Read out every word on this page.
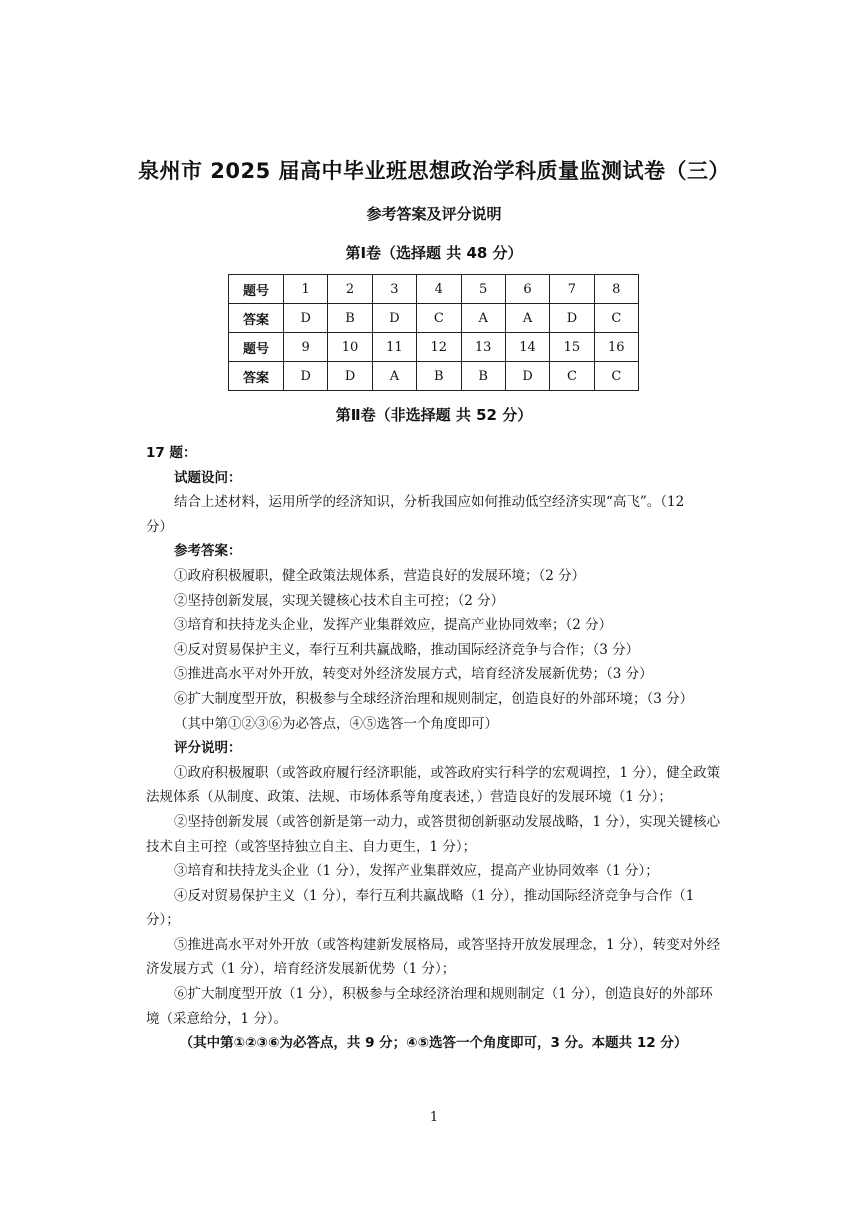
泉州市 2025 届高中毕业班思想政治学科质量监测试卷（三）
参考答案及评分说明
第Ⅰ卷（选择题 共 48 分）
题号	1	2	3	4	5	6	7	8
答案	D	B	D	C	A	A	D	C
题号	9	10	11	12	13	14	15	16
答案	D	D	A	B	B	D	C	C
第Ⅱ卷（非选择题 共 52 分）

17 题：

试题设问：

结合上述材料，运用所学的经济知识，分析我国应如何推动低空经济实现“高飞”。（12

分）

参考答案：

①政府积极履职，健全政策法规体系，营造良好的发展环境；（2 分）

②坚持创新发展，实现关键核心技术自主可控；（2 分）

③培育和扶持龙头企业，发挥产业集群效应，提高产业协同效率；（2 分）

④反对贸易保护主义，奉行互利共赢战略，推动国际经济竞争与合作；（3 分）

⑤推进高水平对外开放，转变对外经济发展方式，培育经济发展新优势；（3 分）

⑥扩大制度型开放，积极参与全球经济治理和规则制定，创造良好的外部环境；（3 分）

（其中第①②③⑥为必答点，④⑤选答一个角度即可）

评分说明：

①政府积极履职（或答政府履行经济职能，或答政府实行科学的宏观调控，1 分），健全政策法规体系（从制度、政策、法规、市场体系等角度表述，）营造良好的发展环境（1 分）；

②坚持创新发展（或答创新是第一动力，或答贯彻创新驱动发展战略，1 分），实现关键核心技术自主可控（或答坚持独立自主、自力更生，1 分）；

③培育和扶持龙头企业（1 分），发挥产业集群效应，提高产业协同效率（1 分）；

④反对贸易保护主义（1 分），奉行互利共赢战略（1 分），推动国际经济竞争与合作（1 分）；

⑤推进高水平对外开放（或答构建新发展格局，或答坚持开放发展理念，1 分），转变对外经济发展方式（1 分），培育经济发展新优势（1 分）；

⑥扩大制度型开放（1 分），积极参与全球经济治理和规则制定（1 分），创造良好的外部环境（采意给分，1 分）。

（其中第①②③⑥为必答点，共 9 分；④⑤选答一个角度即可，3 分。本题共 12 分）

1
